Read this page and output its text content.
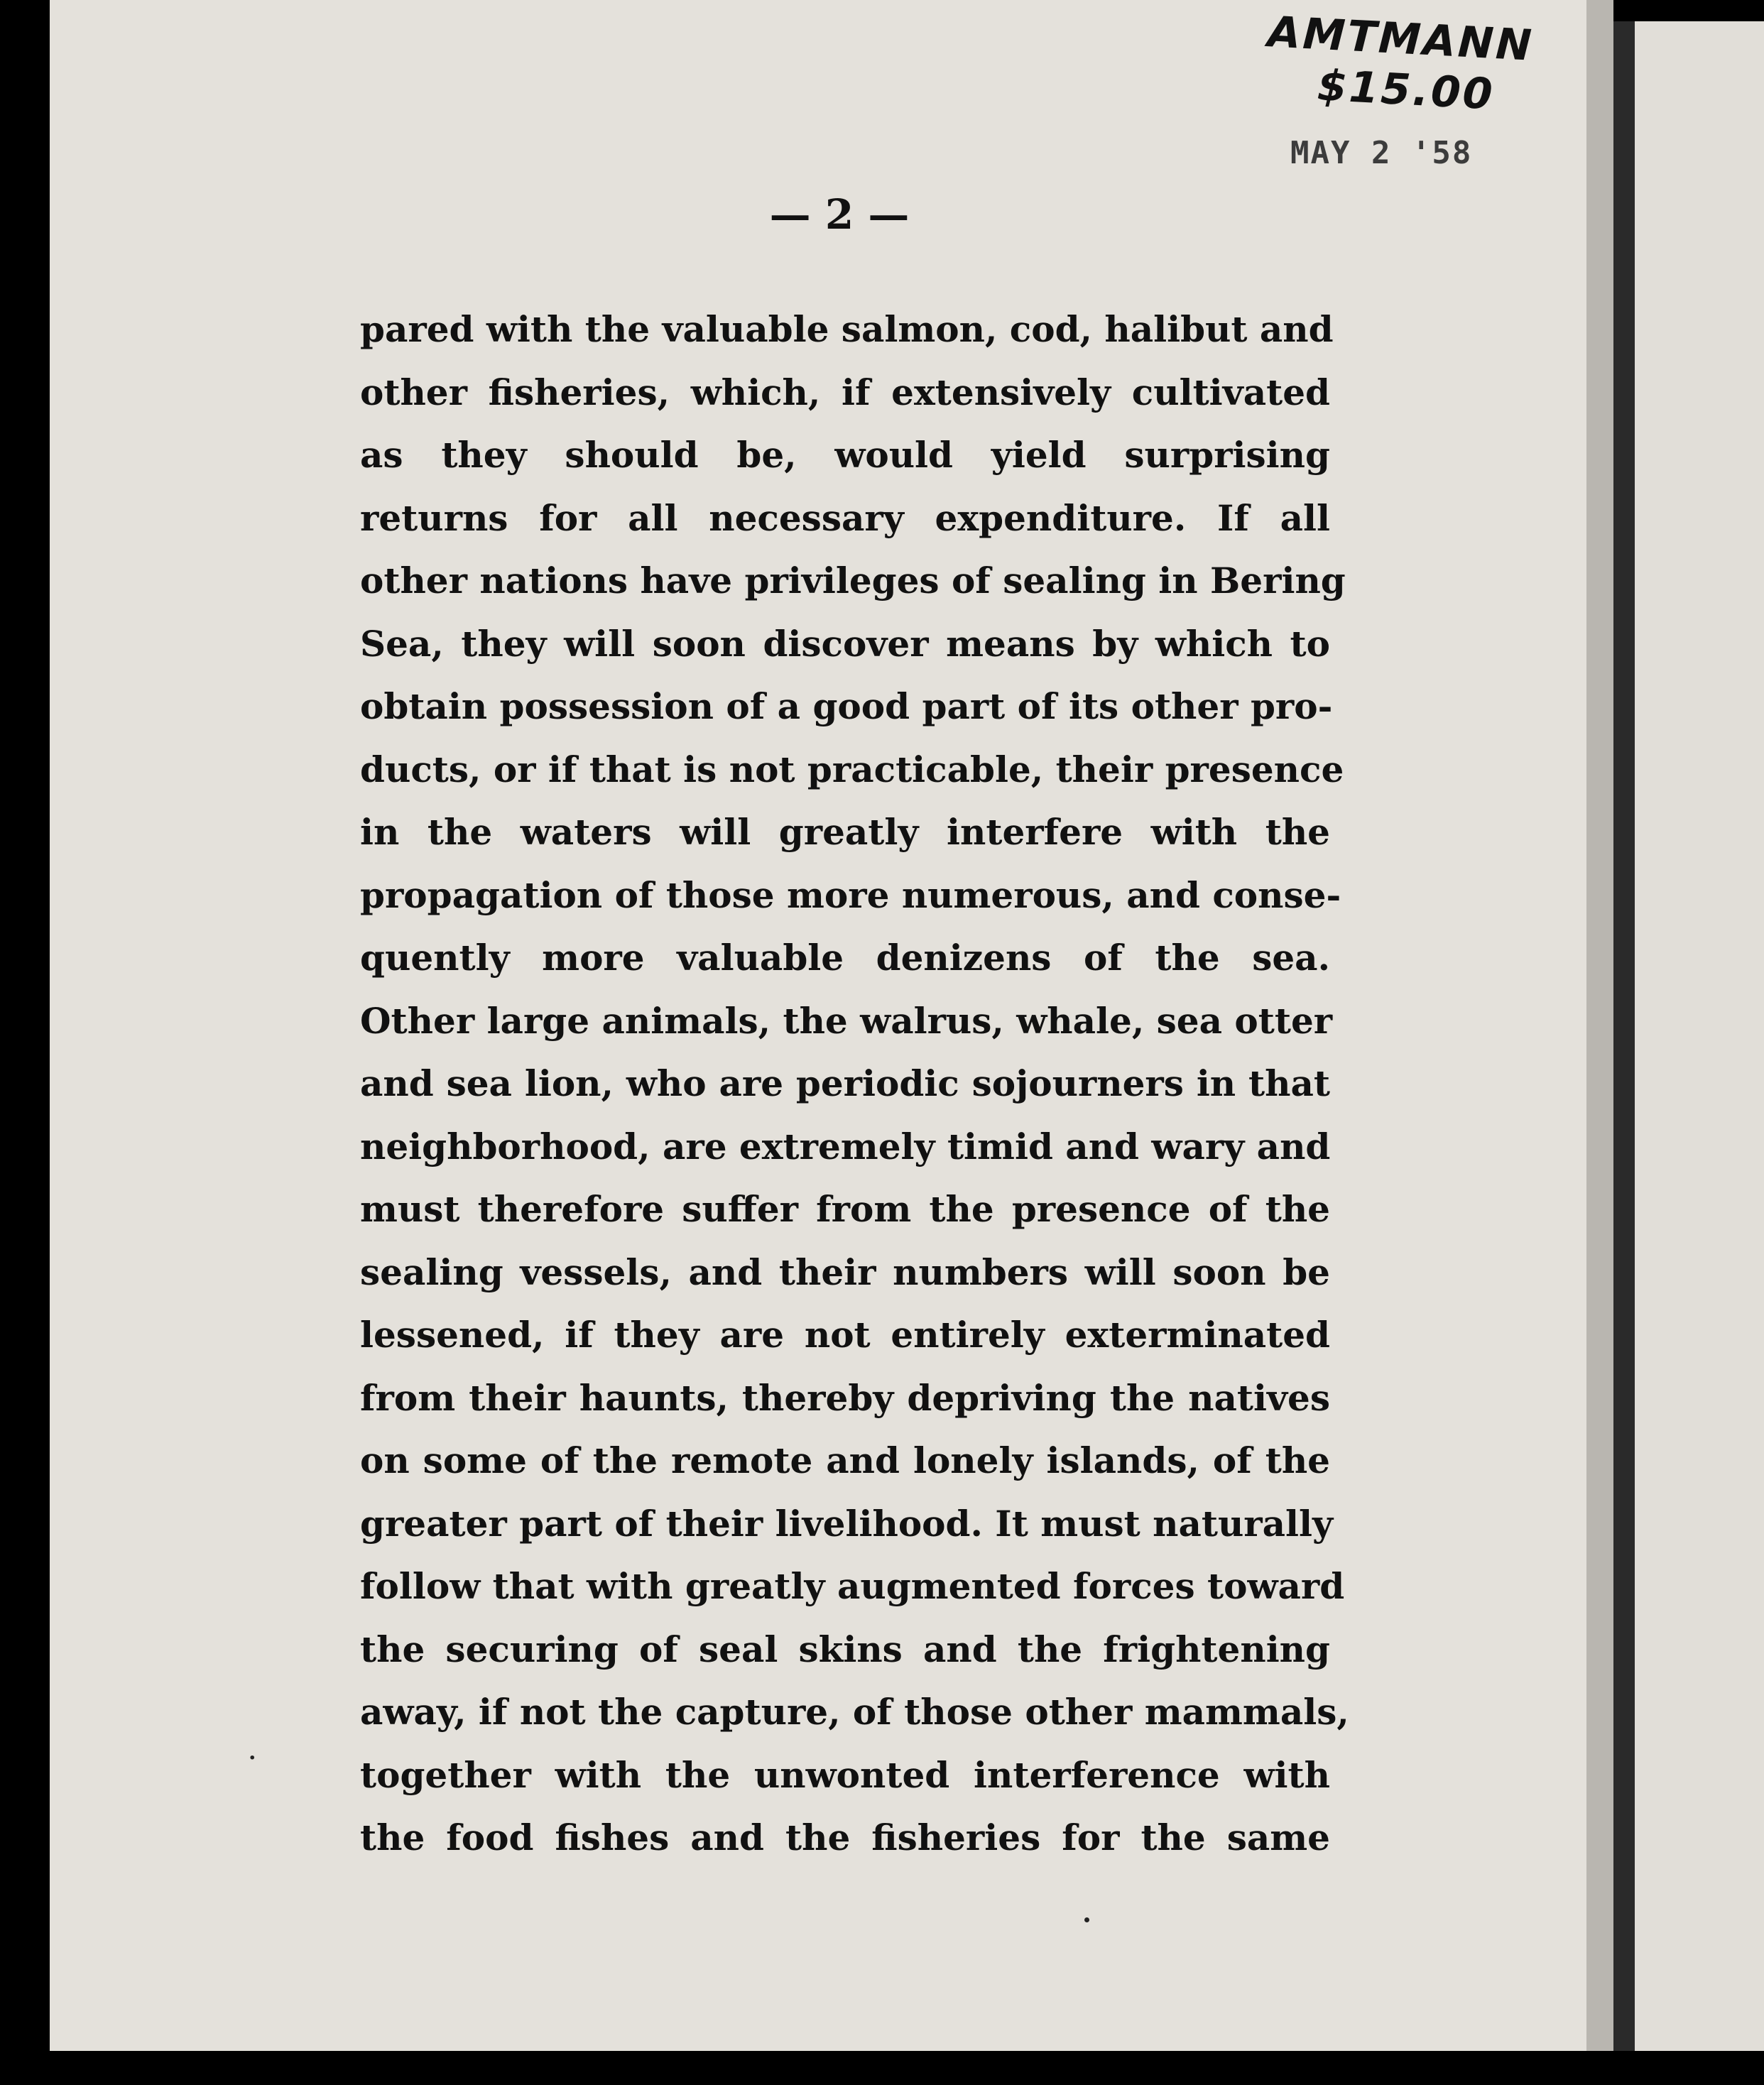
AMTMANN
$15.00
MAY 2 '58
— 2 —
pared with the valuable salmon, cod, halibut and
other fisheries, which, if extensively cultivated
as they should be, would yield surprising
returns for all necessary expenditure. If all
other nations have privileges of sealing in Bering
Sea, they will soon discover means by which to
obtain possession of a good part of its other pro-
ducts, or if that is not practicable, their presence
in the waters will greatly interfere with the
propagation of those more numerous, and conse-
quently more valuable denizens of the sea.
Other large animals, the walrus, whale, sea otter
and sea lion, who are periodic sojourners in that
neighborhood, are extremely timid and wary and
must therefore suffer from the presence of the
sealing vessels, and their numbers will soon be
lessened, if they are not entirely exterminated
from their haunts, thereby depriving the natives
on some of the remote and lonely islands, of the
greater part of their livelihood. It must naturally
follow that with greatly augmented forces toward
the securing of seal skins and the frightening
away, if not the capture, of those other mammals,
together with the unwonted interference with
the food fishes and the fisheries for the same
·
